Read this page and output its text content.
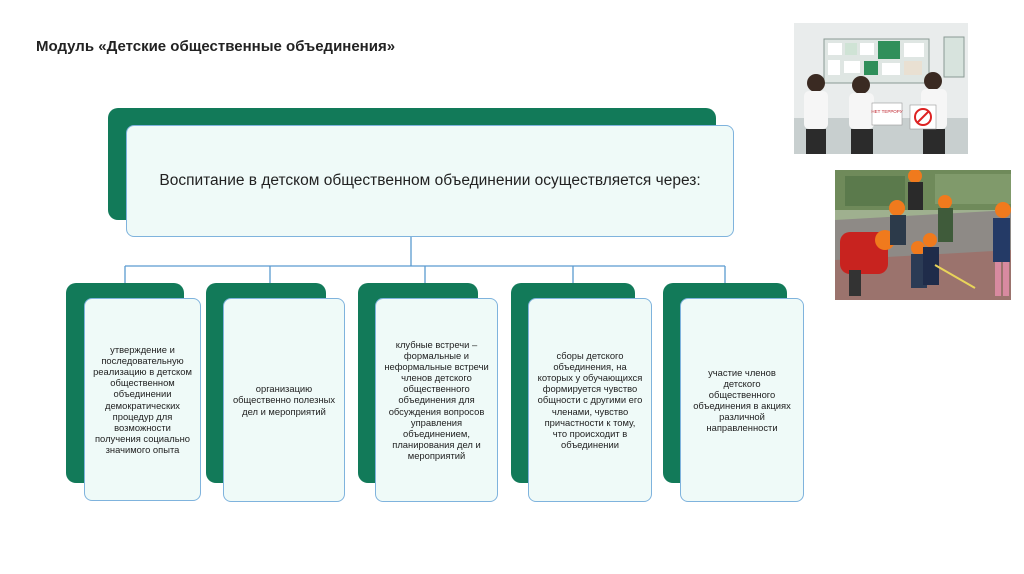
Модуль «Детские общественные объединения»
Воспитание в детском общественном объединении осуществляется через:
утверждение и последовательную реализацию в детском общественном объединении демократических процедур для возможности получения социально значимого опыта
организацию общественно полезных дел и мероприятий
клубные встречи – формальные и неформальные встречи членов детского общественного объединения для обсуждения вопросов управления объединением, планирования дел и мероприятий
сборы детского объединения, на которых у обучающихся формируется чувство общности с другими его членами, чувство причастности к тому, что происходит в объединении
участие членов детского общественного объединения в акциях различной направленности
НЕТ ТЕРРОРУ
